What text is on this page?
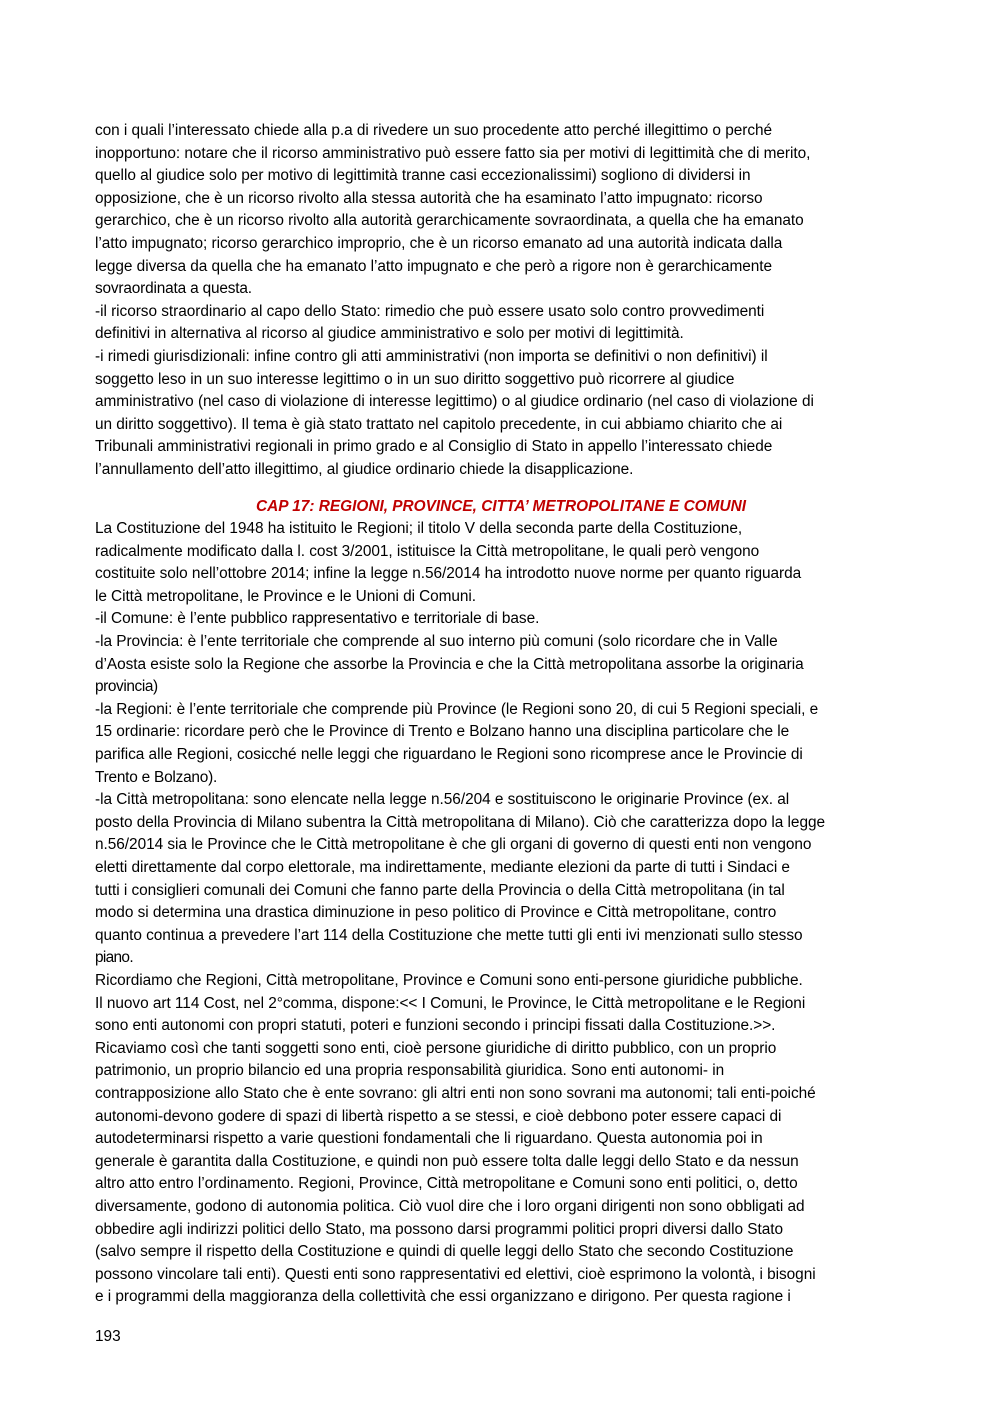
con i quali l’interessato chiede alla p.a di rivedere un suo procedente atto perché illegittimo o perché

inopportuno: notare che il ricorso amministrativo può essere fatto sia per motivi di legittimità che di merito,

quello al giudice solo per motivo di legittimità tranne casi eccezionalissimi) sogliono di dividersi in

opposizione, che è un ricorso rivolto alla stessa autorità che ha esaminato l’atto impugnato: ricorso

gerarchico, che è un ricorso rivolto alla autorità gerarchicamente sovraordinata, a quella che ha emanato

l’atto impugnato; ricorso gerarchico improprio, che è un ricorso emanato ad una autorità indicata dalla

legge diversa da quella che ha emanato l’atto impugnato e che però a rigore non è gerarchicamente

sovraordinata a questa.

-il ricorso straordinario al capo dello Stato: rimedio che può essere usato solo contro provvedimenti

definitivi in alternativa al ricorso al giudice amministrativo e solo per motivi di legittimità.

-i rimedi giurisdizionali: infine contro gli atti amministrativi (non importa se definitivi o non definitivi) il

soggetto leso in un suo interesse legittimo o in un suo diritto soggettivo può ricorrere al giudice

amministrativo (nel caso di violazione di interesse legittimo) o al giudice ordinario (nel caso di violazione di

un diritto soggettivo). Il tema è già stato trattato nel capitolo precedente, in cui abbiamo chiarito che ai

Tribunali amministrativi regionali in primo grado e al Consiglio di Stato in appello l’interessato chiede

l’annullamento dell’atto illegittimo, al giudice ordinario chiede la disapplicazione.

CAP 17: REGIONI, PROVINCE, CITTA’ METROPOLITANE E COMUNI

La Costituzione del 1948 ha istituito le Regioni; il titolo V della seconda parte della Costituzione,

radicalmente modificato dalla l. cost 3/2001, istituisce la Città metropolitane, le quali però vengono

costituite solo nell’ottobre 2014; infine la legge n.56/2014 ha introdotto nuove norme per quanto riguarda

le Città metropolitane, le Province e le Unioni di Comuni.

-il Comune: è l’ente pubblico rappresentativo e territoriale di base.

-la Provincia: è l’ente territoriale che comprende al suo interno più comuni (solo ricordare che in Valle

d’Aosta esiste solo la Regione che assorbe la Provincia e che la Città metropolitana assorbe la originaria

provincia)

-la Regioni: è l’ente territoriale che comprende più Province (le Regioni sono 20, di cui 5 Regioni speciali, e

15 ordinarie: ricordare però che le Province di Trento e Bolzano hanno una disciplina particolare che le

parifica alle Regioni, cosicché nelle leggi che riguardano le Regioni sono ricomprese ance le Provincie di

Trento e Bolzano).

-la Città metropolitana: sono elencate nella legge n.56/204 e sostituiscono le originarie Province (ex. al

posto della Provincia di Milano subentra la Città metropolitana di Milano). Ciò che caratterizza dopo la legge

n.56/2014 sia le Province che le Città metropolitane è che gli organi di governo di questi enti non vengono

eletti direttamente dal corpo elettorale, ma indirettamente, mediante elezioni da parte di tutti i Sindaci e

tutti i consiglieri comunali dei Comuni che fanno parte della Provincia o della Città metropolitana (in tal

modo si determina una drastica diminuzione in peso politico di Province e Città metropolitane, contro

quanto continua a prevedere l’art 114 della Costituzione che mette tutti gli enti ivi menzionati sullo stesso

piano.

Ricordiamo che Regioni, Città metropolitane, Province e Comuni sono enti-persone giuridiche pubbliche.

Il nuovo art 114 Cost, nel 2°comma, dispone:<< I Comuni, le Province, le Città metropolitane e le Regioni

sono enti autonomi con propri statuti, poteri e funzioni secondo i principi fissati dalla Costituzione.>>.

Ricaviamo così che tanti soggetti sono enti, cioè persone giuridiche di diritto pubblico, con un proprio

patrimonio, un proprio bilancio ed una propria responsabilità giuridica. Sono enti autonomi- in

contrapposizione allo Stato che è ente sovrano: gli altri enti non sono sovrani ma autonomi; tali enti-poiché

autonomi-devono godere di spazi di libertà rispetto a se stessi, e cioè debbono poter essere capaci di

autodeterminarsi rispetto a varie questioni fondamentali che li riguardano. Questa autonomia poi in

generale è garantita dalla Costituzione, e quindi non può essere tolta dalle leggi dello Stato e da nessun

altro atto entro l’ordinamento. Regioni, Province, Città metropolitane e Comuni sono enti politici, o, detto

diversamente, godono di autonomia politica. Ciò vuol dire che i loro organi dirigenti non sono obbligati ad

obbedire agli indirizzi politici dello Stato, ma possono darsi programmi politici propri diversi dallo Stato

(salvo sempre il rispetto della Costituzione e quindi di quelle leggi dello Stato che secondo Costituzione

possono vincolare tali enti). Questi enti sono rappresentativi ed elettivi, cioè esprimono la volontà, i bisogni

e i programmi della maggioranza della collettività che essi organizzano e dirigono. Per questa ragione i

193
